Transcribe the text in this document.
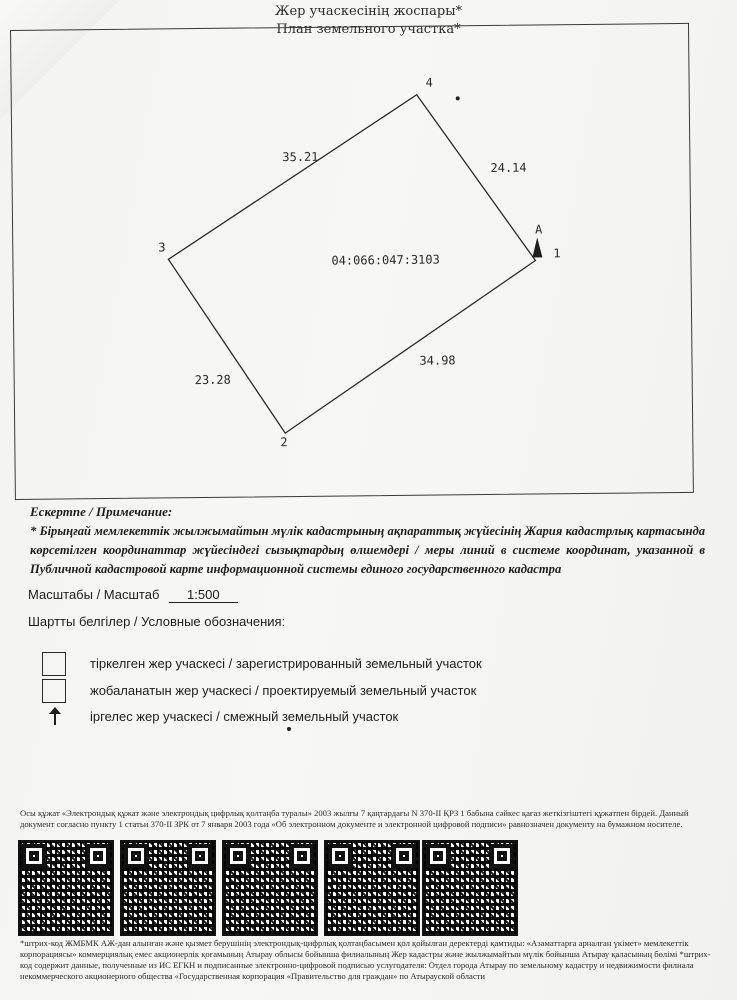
Жер учаскесінің жоспары*
План земельного участка*
1
2
3
4
34.98
23.28
35.21
24.14
04:066:047:3103
А
Ескертпе / Примечание:
* Бірыңғай мемлекеттік жылжымайтын мүлік кадастрының ақпараттық жүйесінің Жария кадастрлық картасында көрсетілген координаттар жүйесіндегі сызықтардың өлшемдері / меры линий в системе координат, указанной в Публичной кадастровой карте информационной системы единого государственного кадастра
Масштабы / Масштаб 1:500
Шартты белгілер / Условные обозначения:
тіркелген жер учаскесі / зарегистрированный земельный участок
жобаланатын жер учаскесі / проектируемый земельный участок
іргелес жер учаскесі / смежный земельный участок
Осы құжат «Электрондық құжат және электрондық цифрлық қолтаңба туралы» 2003 жылғы 7 қаңтардағы N 370-II ҚРЗ 1 бабына сәйкес қағаз жеткізгіштегі құжатпен бірдей. Данный документ согласно пункту 1 статьи 370-II ЗРК от 7 января 2003 года «Об электронном документе и электронной цифровой подписи» равнозначен документу на бумажном носителе.
*штрих-код ЖМБМК АЖ-дан алынған және қызмет берушінің электрондық-цифрлық қолтаңбасымен қол қойылған деректерді қамтиды: «Азаматтарға арналған үкімет» мемлекеттік корпорациясы» коммерциялық емес акционерлік қоғамының Атырау облысы бойынша филиалының Жер кадастры және жылжымайтын мүлік бойынша Атырау қаласының бөлімі *штрих-код содержит данные, полученные из ИС ЕГКН и подписанные электронно-цифровой подписью услугодателя: Отдел города Атырау по земельному кадастру и недвижимости филиала некоммерческого акционерного общества «Государственная корпорация «Правительство для граждан» по Атырауской области
